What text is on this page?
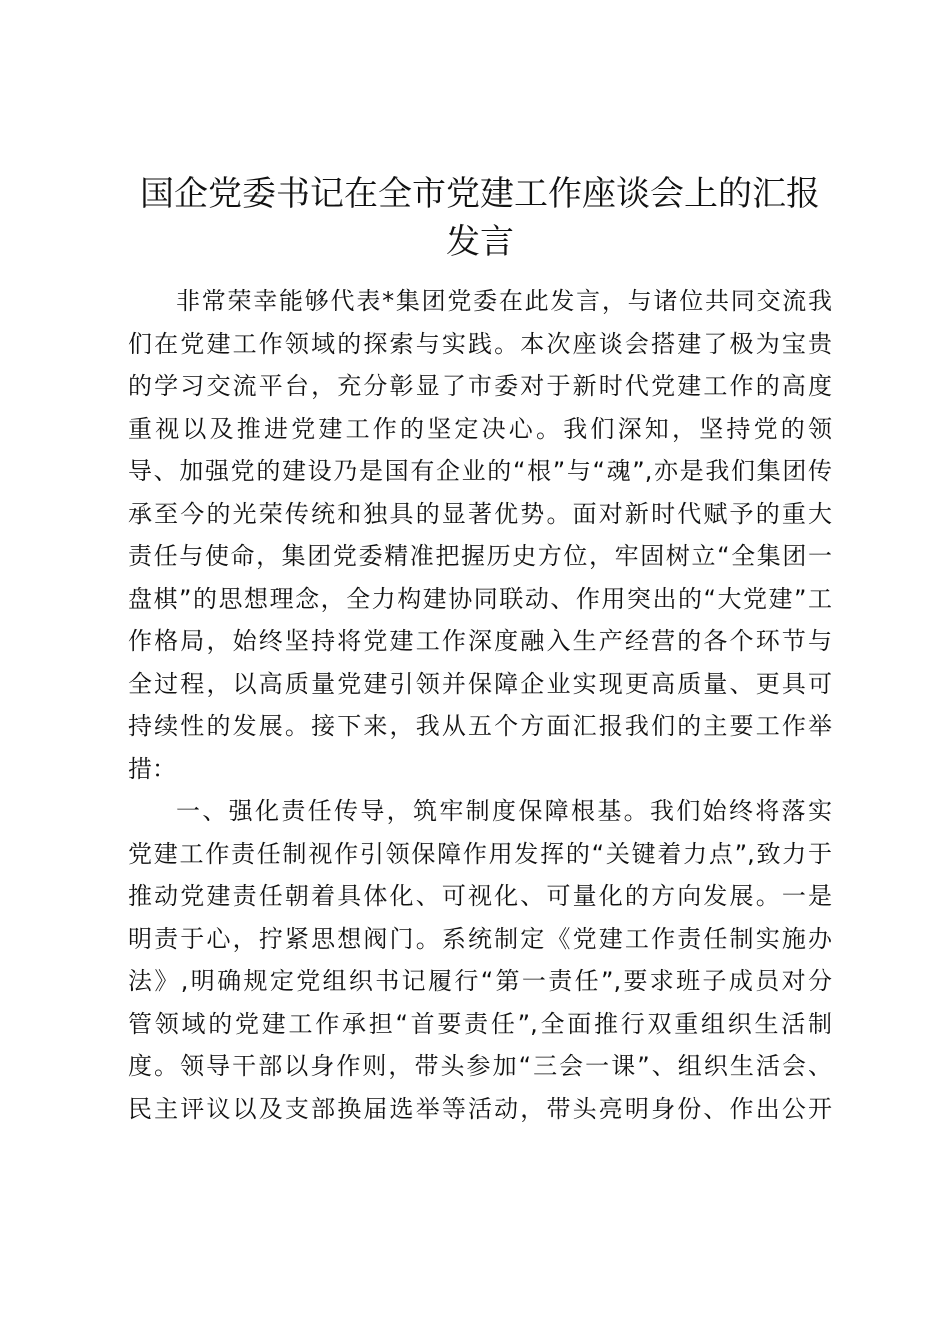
国企党委书记在全市党建工作座谈会上的汇报
发言
非常荣幸能够代表*集团党委在此发言，与诸位共同交流我
们在党建工作领域的探索与实践。本次座谈会搭建了极为宝贵
的学习交流平台，充分彰显了市委对于新时代党建工作的高度
重视以及推进党建工作的坚定决心。我们深知，坚持党的领
导、加强党的建设乃是国有企业的“根”与“魂”,亦是我们集团传
承至今的光荣传统和独具的显著优势。面对新时代赋予的重大
责任与使命，集团党委精准把握历史方位，牢固树立“全集团一
盘棋”的思想理念，全力构建协同联动、作用突出的“大党建”工
作格局，始终坚持将党建工作深度融入生产经营的各个环节与
全过程，以高质量党建引领并保障企业实现更高质量、更具可
持续性的发展。接下来，我从五个方面汇报我们的主要工作举
措：
一、强化责任传导，筑牢制度保障根基。我们始终将落实
党建工作责任制视作引领保障作用发挥的“关键着力点”,致力于
推动党建责任朝着具体化、可视化、可量化的方向发展。一是
明责于心，拧紧思想阀门。系统制定《党建工作责任制实施办
法》,明确规定党组织书记履行“第一责任”,要求班子成员对分
管领域的党建工作承担“首要责任”,全面推行双重组织生活制
度。领导干部以身作则，带头参加“三会一课”、组织生活会、
民主评议以及支部换届选举等活动，带头亮明身份、作出公开
